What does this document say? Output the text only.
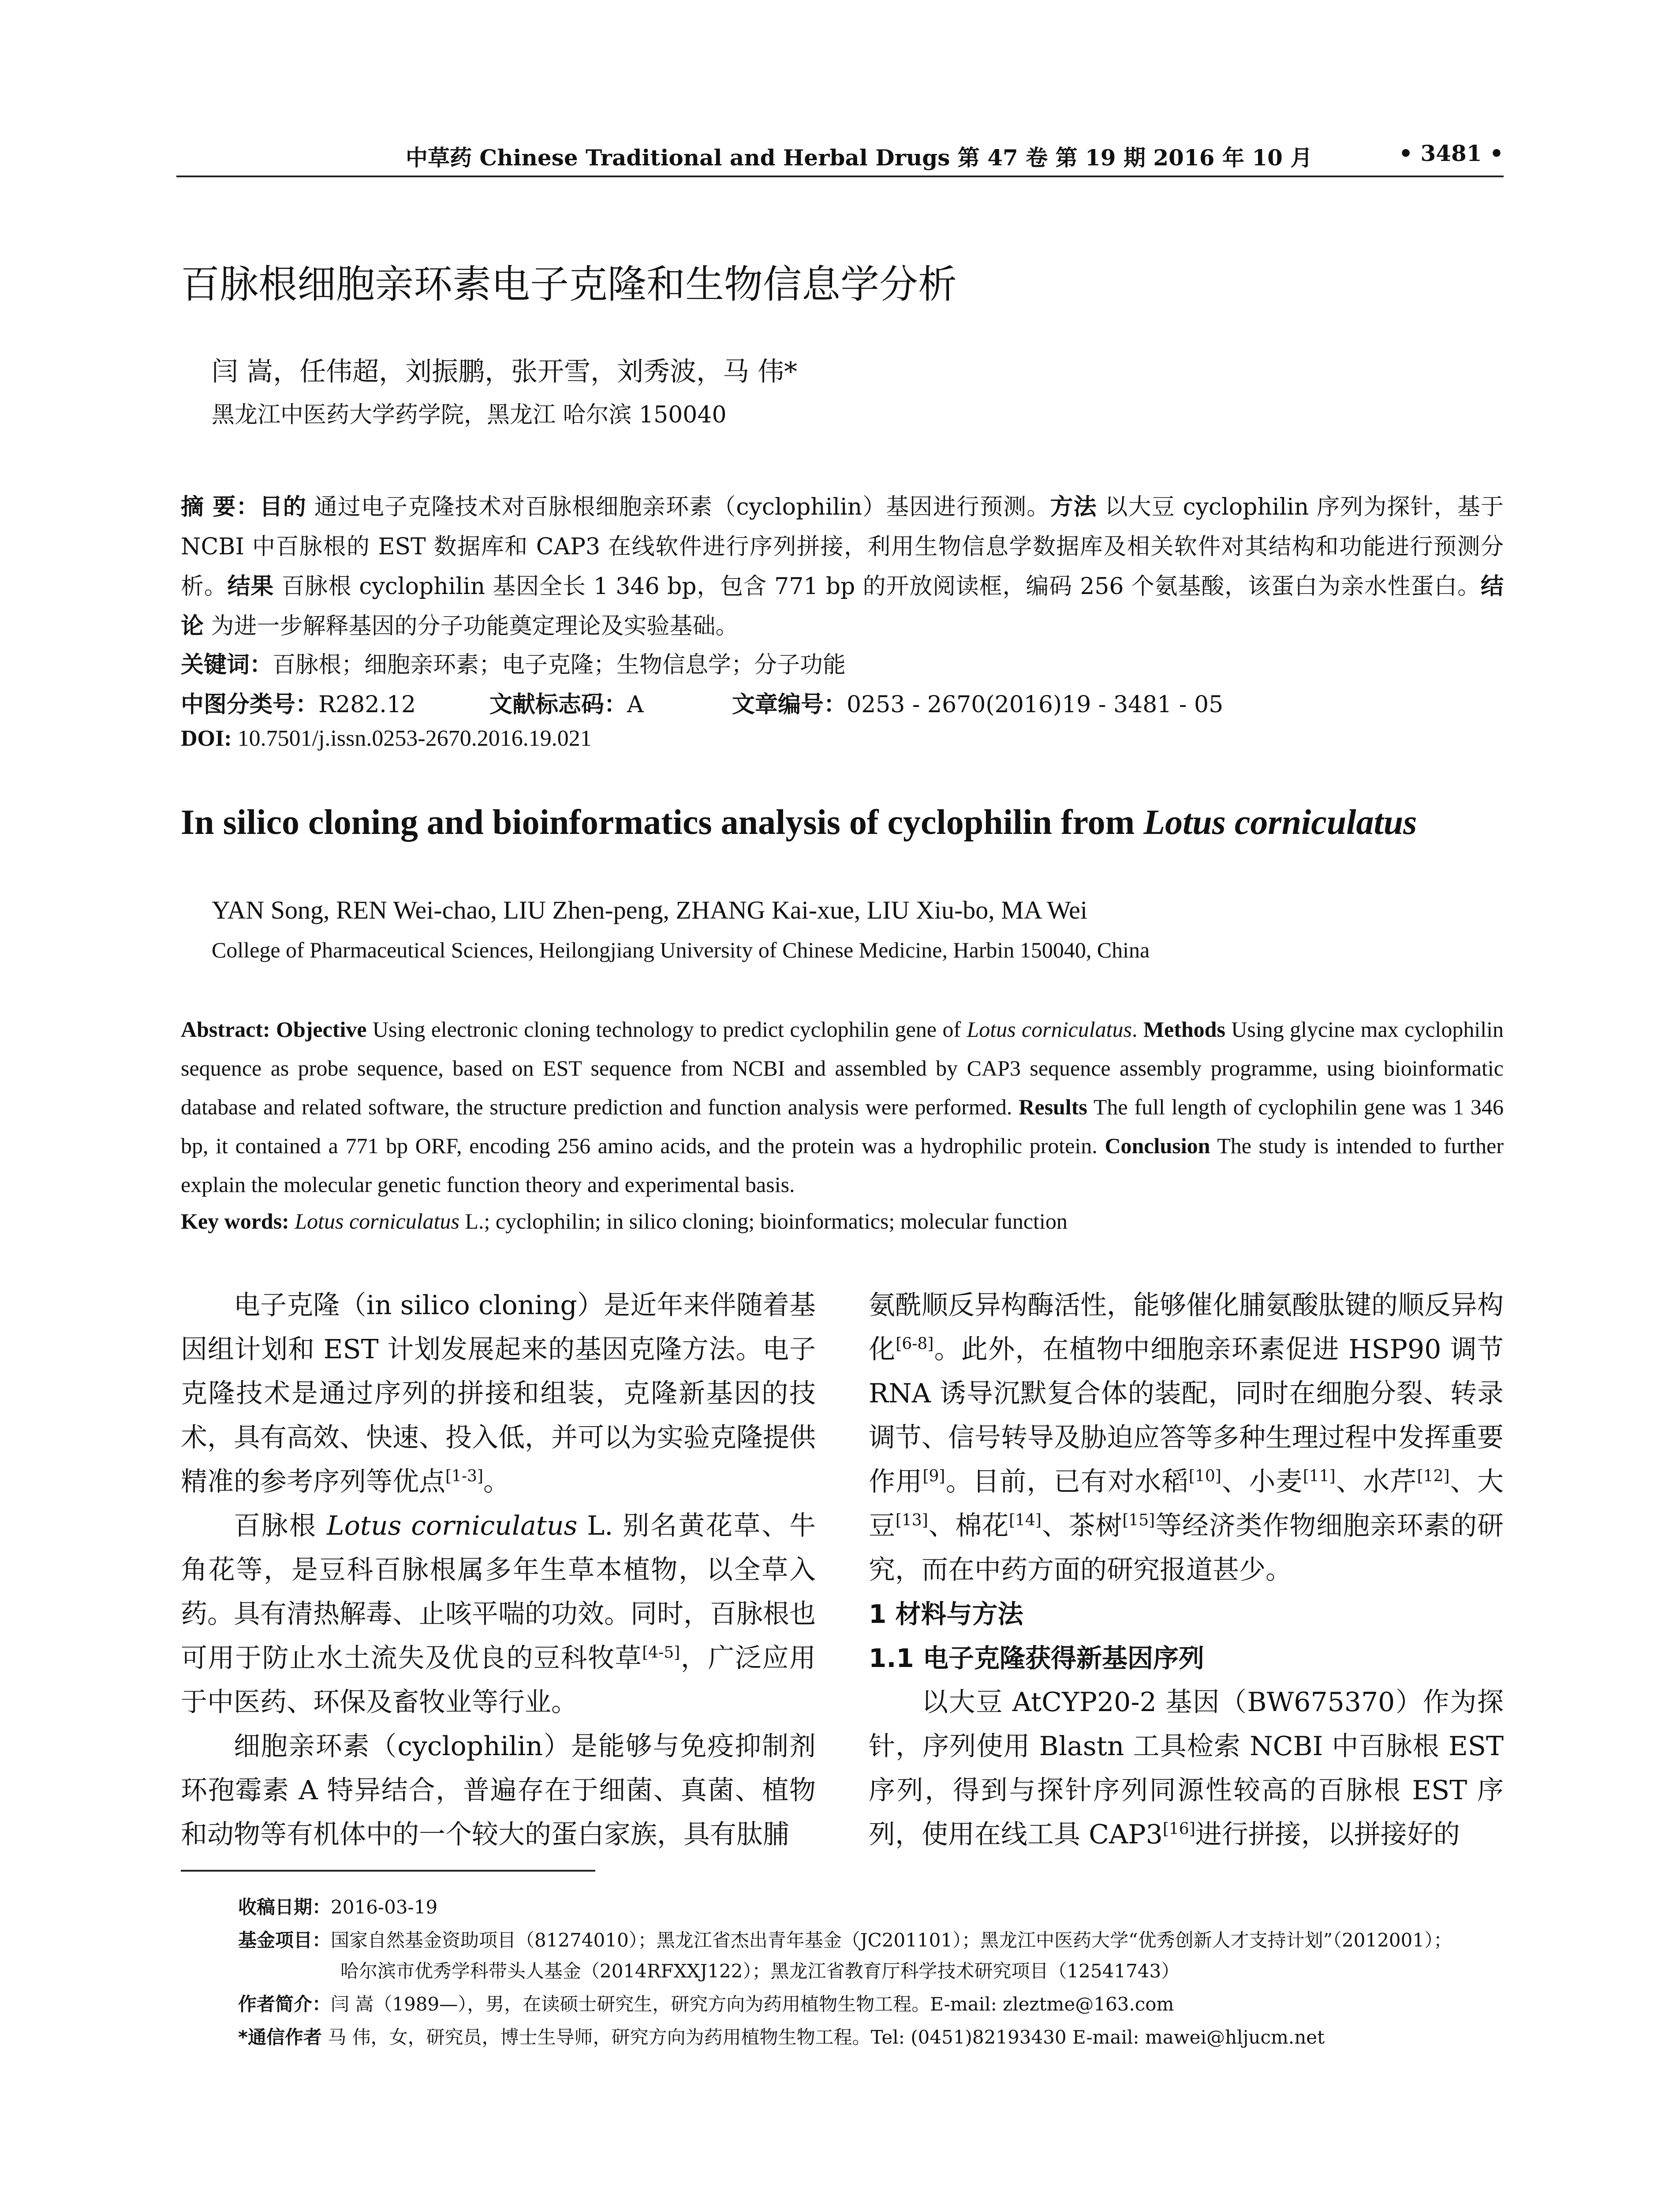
中草药 Chinese Traditional and Herbal Drugs 第 47 卷 第 19 期 2016 年 10 月	• 3481 •
百脉根细胞亲环素电子克隆和生物信息学分析
闫 嵩，任伟超，刘振鹏，张开雪，刘秀波，马 伟*
黑龙江中医药大学药学院，黑龙江 哈尔滨 150040
摘 要：目的 通过电子克隆技术对百脉根细胞亲环素（cyclophilin）基因进行预测。方法 以大豆 cyclophilin 序列为探针，基于 NCBI 中百脉根的 EST 数据库和 CAP3 在线软件进行序列拼接，利用生物信息学数据库及相关软件对其结构和功能进行预测分析。结果 百脉根 cyclophilin 基因全长 1 346 bp，包含 771 bp 的开放阅读框，编码 256 个氨基酸，该蛋白为亲水性蛋白。结论 为进一步解释基因的分子功能奠定理论及实验基础。
关键词：百脉根；细胞亲环素；电子克隆；生物信息学；分子功能
中图分类号：R282.12	文献标志码：A	文章编号：0253 - 2670(2016)19 - 3481 - 05
DOI: 10.7501/j.issn.0253-2670.2016.19.021
In silico cloning and bioinformatics analysis of cyclophilin from Lotus corniculatus
YAN Song, REN Wei-chao, LIU Zhen-peng, ZHANG Kai-xue, LIU Xiu-bo, MA Wei
College of Pharmaceutical Sciences, Heilongjiang University of Chinese Medicine, Harbin 150040, China
Abstract: Objective Using electronic cloning technology to predict cyclophilin gene of Lotus corniculatus. Methods Using glycine max cyclophilin sequence as probe sequence, based on EST sequence from NCBI and assembled by CAP3 sequence assembly programme, using bioinformatic database and related software, the structure prediction and function analysis were performed. Results The full length of cyclophilin gene was 1 346 bp, it contained a 771 bp ORF, encoding 256 amino acids, and the protein was a hydrophilic protein. Conclusion The study is intended to further explain the molecular genetic function theory and experimental basis.
Key words: Lotus corniculatus L.; cyclophilin; in silico cloning; bioinformatics; molecular function

电子克隆（in silico cloning）是近年来伴随着基因组计划和 EST 计划发展起来的基因克隆方法。电子克隆技术是通过序列的拼接和组装，克隆新基因的技术，具有高效、快速、投入低，并可以为实验克隆提供精准的参考序列等优点[1-3]。

百脉根 Lotus corniculatus L. 别名黄花草、牛角花等，是豆科百脉根属多年生草本植物，以全草入药。具有清热解毒、止咳平喘的功效。同时，百脉根也可用于防止水土流失及优良的豆科牧草[4-5]，广泛应用于中医药、环保及畜牧业等行业。

细胞亲环素（cyclophilin）是能够与免疫抑制剂环孢霉素 A 特异结合，普遍存在于细菌、真菌、植物和动物等有机体中的一个较大的蛋白家族，具有肽脯

氨酰顺反异构酶活性，能够催化脯氨酸肽键的顺反异构化[6-8]。此外，在植物中细胞亲环素促进 HSP90 调节 RNA 诱导沉默复合体的装配，同时在细胞分裂、转录调节、信号转导及胁迫应答等多种生理过程中发挥重要作用[9]。目前，已有对水稻[10]、小麦[11]、水芹[12]、大豆[13]、棉花[14]、茶树[15]等经济类作物细胞亲环素的研究，而在中药方面的研究报道甚少。

1 材料与方法
1.1 电子克隆获得新基因序列

以大豆 AtCYP20-2 基因（BW675370）作为探针，序列使用 Blastn 工具检索 NCBI 中百脉根 EST 序列，得到与探针序列同源性较高的百脉根 EST 序列，使用在线工具 CAP3[16]进行拼接，以拼接好的

收稿日期：2016-03-19
基金项目：国家自然基金资助项目（81274010）；黑龙江省杰出青年基金（JC201101）；黑龙江中医药大学“优秀创新人才支持计划”（2012001）；
哈尔滨市优秀学科带头人基金（2014RFXXJ122）；黑龙江省教育厅科学技术研究项目（12541743）
作者简介：闫 嵩（1989—），男，在读硕士研究生，研究方向为药用植物生物工程。E-mail: zleztme@163.com
*通信作者 马 伟，女，研究员，博士生导师，研究方向为药用植物生物工程。Tel: (0451)82193430 E-mail: mawei@hljucm.net
